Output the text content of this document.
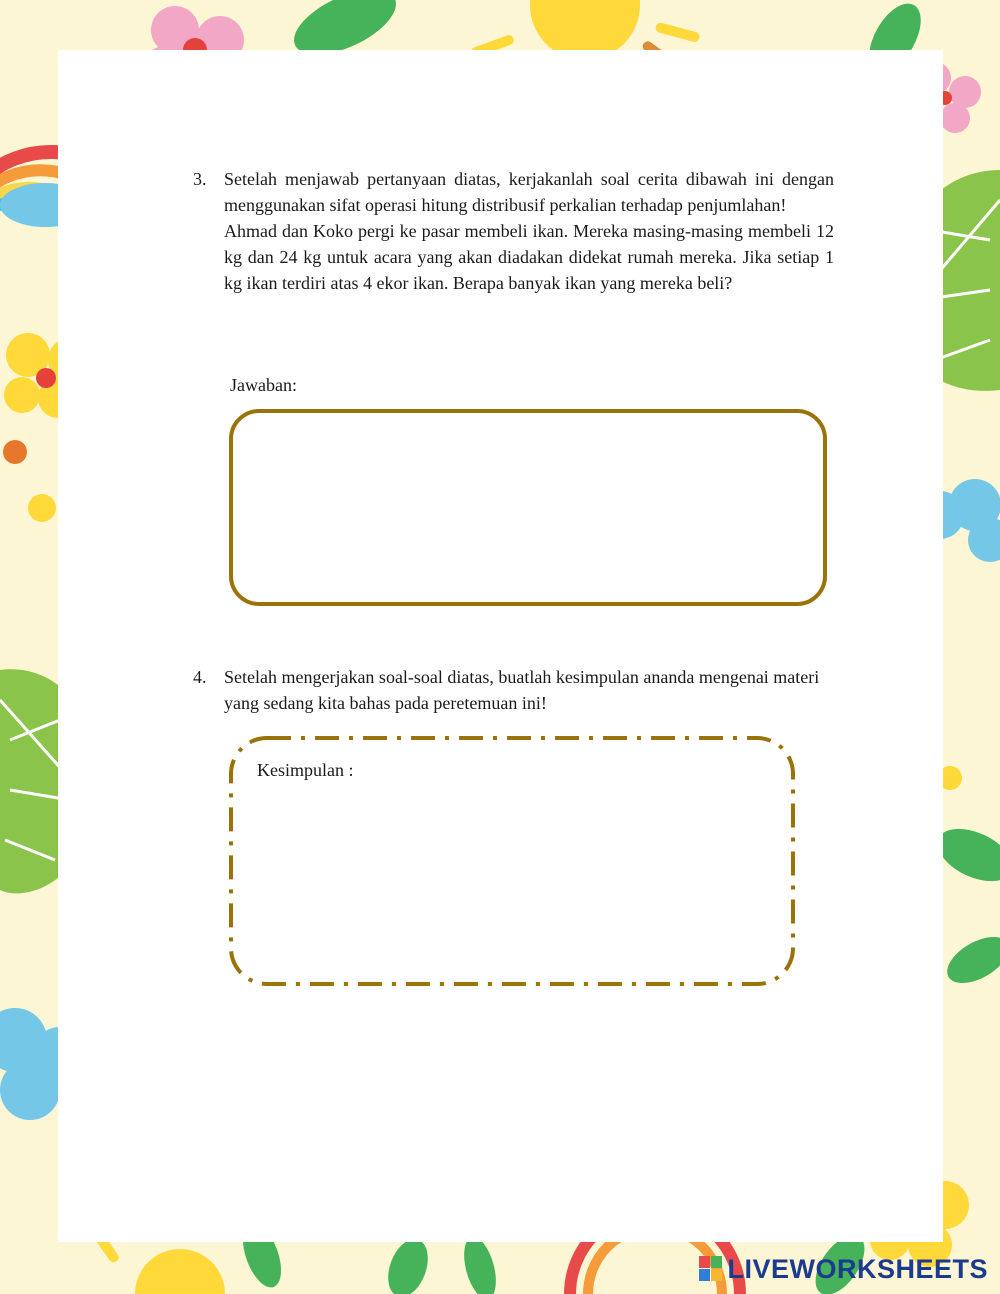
3. Setelah menjawab pertanyaan diatas, kerjakanlah soal cerita dibawah ini dengan menggunakan sifat operasi hitung distribusif perkalian terhadap penjumlahan!

Ahmad dan Koko pergi ke pasar membeli ikan. Mereka masing-masing membeli 12 kg dan 24 kg untuk acara yang akan diadakan didekat rumah mereka. Jika setiap 1 kg ikan terdiri atas 4 ekor ikan. Berapa banyak ikan yang mereka beli?

Jawaban:
4. Setelah mengerjakan soal-soal diatas, buatlah kesimpulan ananda mengenai materi yang sedang kita bahas pada peretemuan ini!

Kesimpulan :
LIVEWORKSHEETS
